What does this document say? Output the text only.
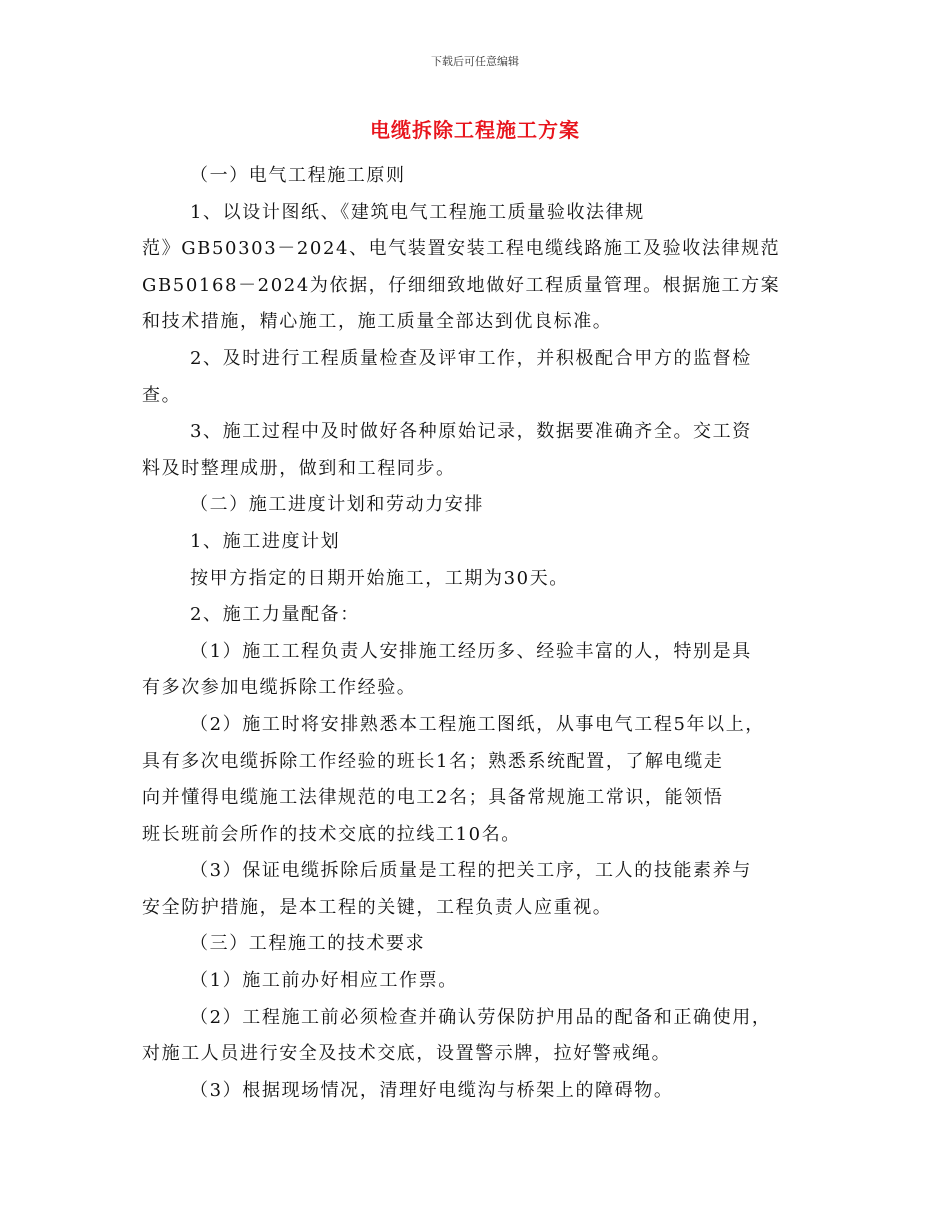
下载后可任意编辑
电缆拆除工程施工方案
（一）电气工程施工原则
1、以设计图纸、《建筑电气工程施工质量验收法律规
范》GB50303－2024、电气装置安装工程电缆线路施工及验收法律规范
GB50168－2024为依据，仔细细致地做好工程质量管理。根据施工方案
和技术措施，精心施工，施工质量全部达到优良标准。
2、及时进行工程质量检查及评审工作，并积极配合甲方的监督检
查。
3、施工过程中及时做好各种原始记录，数据要准确齐全。交工资
料及时整理成册，做到和工程同步。
（二）施工进度计划和劳动力安排
1、施工进度计划
按甲方指定的日期开始施工，工期为30天。
2、施工力量配备：
（1）施工工程负责人安排施工经历多、经验丰富的人，特别是具
有多次参加电缆拆除工作经验。
（2）施工时将安排熟悉本工程施工图纸，从事电气工程5年以上，
具有多次电缆拆除工作经验的班长1名；熟悉系统配置，了解电缆走
向并懂得电缆施工法律规范的电工2名；具备常规施工常识，能领悟
班长班前会所作的技术交底的拉线工10名。
（3）保证电缆拆除后质量是工程的把关工序，工人的技能素养与
安全防护措施，是本工程的关键，工程负责人应重视。
（三）工程施工的技术要求
（1）施工前办好相应工作票。
（2）工程施工前必须检查并确认劳保防护用品的配备和正确使用，
对施工人员进行安全及技术交底，设置警示牌，拉好警戒绳。
（3）根据现场情况，清理好电缆沟与桥架上的障碍物。
